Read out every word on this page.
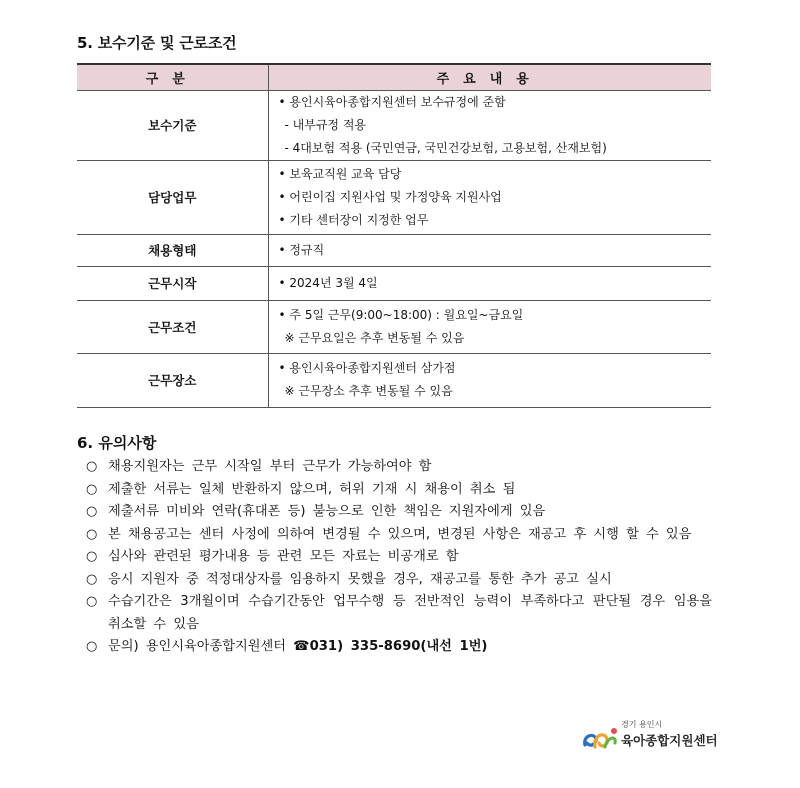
5. 보수기준 및 근로조건
구분	주요내용
보수기준	• 용인시육아종합지원센터 보수규정에 준함
- 내부규정 적용
- 4대보험 적용 (국민연금, 국민건강보험, 고용보험, 산재보험)

담당업무	• 보육교직원 교육 담당
• 어린이집 지원사업 및 가정양육 지원사업
• 기타 센터장이 지정한 업무

채용형태	• 정규직

근무시작	• 2024년 3월 4일

근무조건	• 주 5일 근무(9:00~18:00) : 월요일~금요일
※ 근무요일은 추후 변동될 수 있음

근무장소	• 용인시육아종합지원센터 삼가점
※ 근무장소 추후 변동될 수 있음
6. 유의사항
○ 채용지원자는 근무 시작일 부터 근무가 가능하여야 함
○ 제출한 서류는 일체 반환하지 않으며, 허위 기재 시 채용이 취소 됨
○ 제출서류 미비와 연락(휴대폰 등) 불능으로 인한 책임은 지원자에게 있음
○ 본 채용공고는 센터 사정에 의하여 변경될 수 있으며, 변경된 사항은 재공고 후 시행 할 수 있음
○ 심사와 관련된 평가내용 등 관련 모든 자료는 비공개로 함
○ 응시 지원자 중 적정대상자를 임용하지 못했을 경우, 재공고를 통한 추가 공고 실시
○ 수습기간은 3개월이며 수습기간동안 업무수행 등 전반적인 능력이 부족하다고 판단될 경우 임용을 취소할 수 있음
○ 문의) 용인시육아종합지원센터 ☎031) 335-8690(내선 1번)
경기 용인시
육아종합지원센터
